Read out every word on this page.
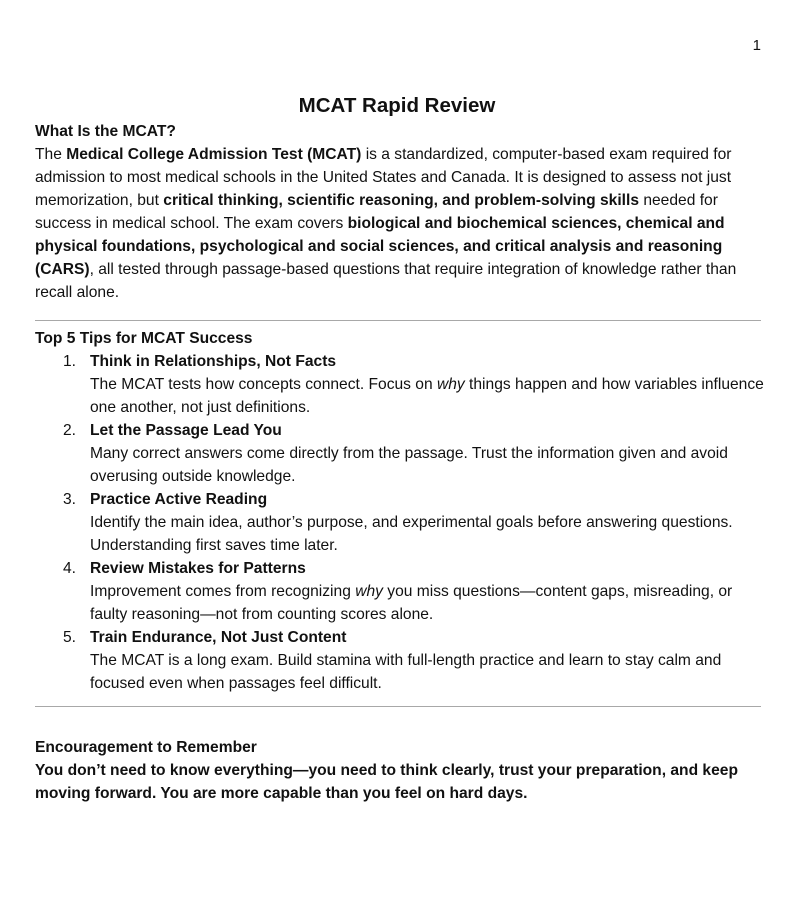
1
MCAT Rapid Review

What Is the MCAT?

The Medical College Admission Test (MCAT) is a standardized, computer-based exam required for admission to most medical schools in the United States and Canada. It is designed to assess not just memorization, but critical thinking, scientific reasoning, and problem-solving skills needed for success in medical school. The exam covers biological and biochemical sciences, chemical and physical foundations, psychological and social sciences, and critical analysis and reasoning (CARS), all tested through passage-based questions that require integration of knowledge rather than recall alone.

Top 5 Tips for MCAT Success

1. Think in Relationships, Not Facts
The MCAT tests how concepts connect. Focus on why things happen and how variables influence one another, not just definitions.
2. Let the Passage Lead You
Many correct answers come directly from the passage. Trust the information given and avoid overusing outside knowledge.
3. Practice Active Reading
Identify the main idea, author’s purpose, and experimental goals before answering questions. Understanding first saves time later.
4. Review Mistakes for Patterns
Improvement comes from recognizing why you miss questions—content gaps, misreading, or faulty reasoning—not from counting scores alone.
5. Train Endurance, Not Just Content
The MCAT is a long exam. Build stamina with full-length practice and learn to stay calm and focused even when passages feel difficult.

Encouragement to Remember

You don’t need to know everything—you need to think clearly, trust your preparation, and keep moving forward. You are more capable than you feel on hard days.
